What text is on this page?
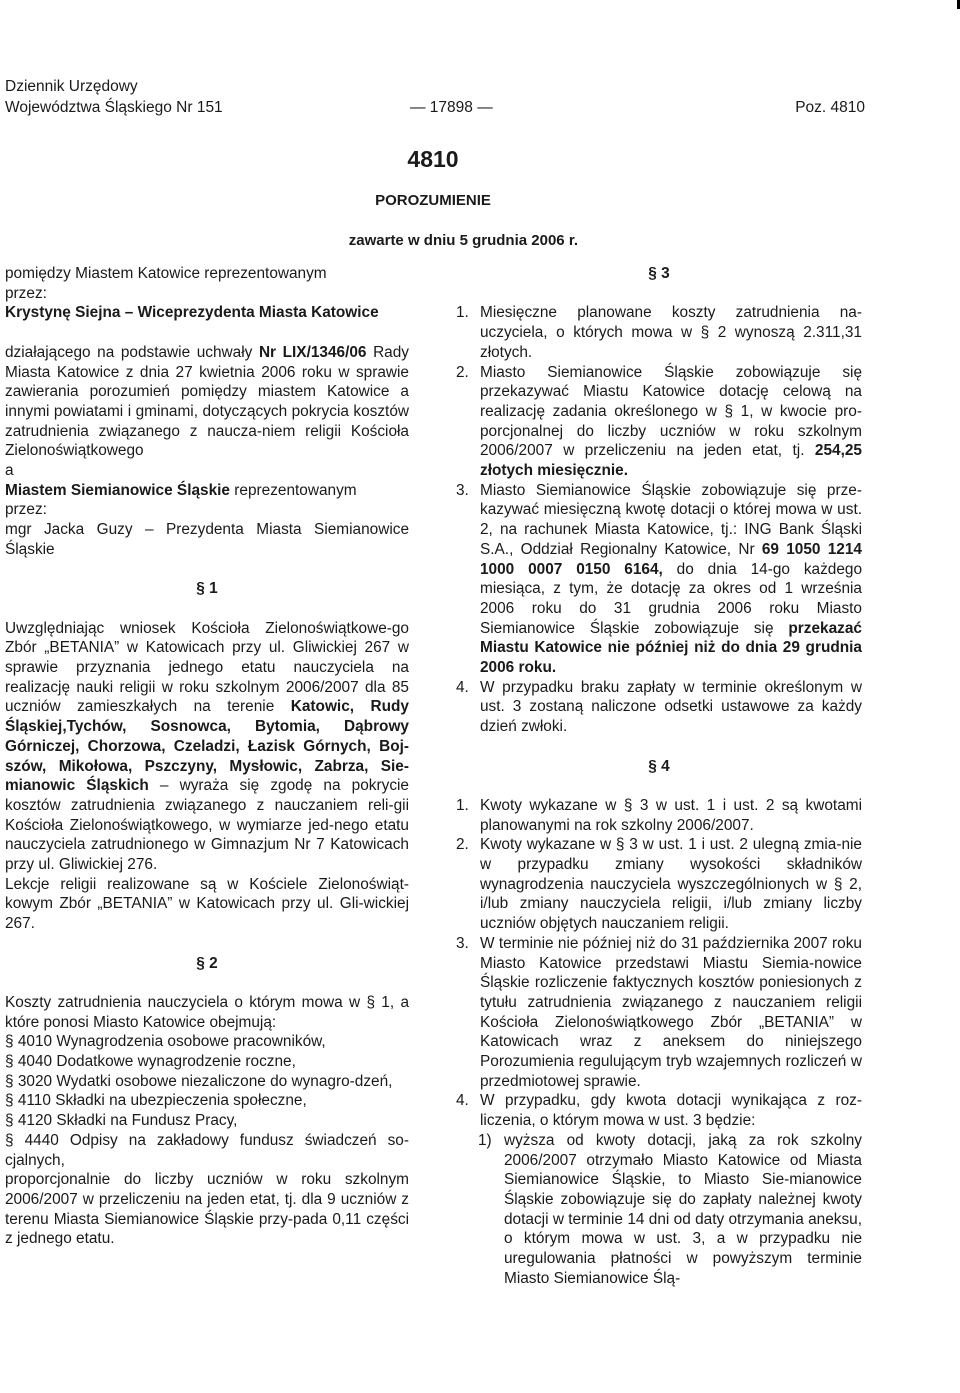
Dziennik Urzędowy
Województwa Śląskiego Nr 151	Poz. 4810
— 17898 —
4810
POROZUMIENIE
zawarte w dniu 5 grudnia 2006 r.

pomiędzy Miastem Katowice reprezentowanym

przez:

Krystynę Siejna – Wiceprezydenta Miasta Katowice

działającego na podstawie uchwały Nr LIX/1346/06 Rady Miasta Katowice z dnia 27 kwietnia 2006 roku w sprawie zawierania porozumień pomiędzy miastem Katowice a innymi powiatami i gminami, dotyczących pokrycia kosztów zatrudnienia związanego z naucza-niem religii Kościoła Zielonoświątkowego

a

Miastem Siemianowice Śląskie reprezentowanym

przez:

mgr Jacka Guzy – Prezydenta Miasta Siemianowice Śląskie

§ 1

Uwzględniając wniosek Kościoła Zielonoświątkowe-go Zbór „BETANIA” w Katowicach przy ul. Gliwickiej 267 w sprawie przyznania jednego etatu nauczyciela na realizację nauki religii w roku szkolnym 2006/2007 dla 85 uczniów zamieszkałych na terenie Katowic, Rudy Śląskiej,Tychów, Sosnowca, Bytomia, Dąbrowy Górniczej, Chorzowa, Czeladzi, Łazisk Górnych, Boj-szów, Mikołowa, Pszczyny, Mysłowic, Zabrza, Sie-mianowic Śląskich – wyraża się zgodę na pokrycie kosztów zatrudnienia związanego z nauczaniem reli-gii Kościoła Zielonoświątkowego, w wymiarze jed-nego etatu nauczyciela zatrudnionego w Gimnazjum Nr 7 Katowicach przy ul. Gliwickiej 276.

Lekcje religii realizowane są w Kościele Zielonoświąt-kowym Zbór „BETANIA” w Katowicach przy ul. Gli-wickiej 267.

§ 2

Koszty zatrudnienia nauczyciela o którym mowa w § 1, a które ponosi Miasto Katowice obejmują:

§ 4010 Wynagrodzenia osobowe pracowników,

§ 4040 Dodatkowe wynagrodzenie roczne,

§ 3020 Wydatki osobowe niezaliczone do wynagro-dzeń,

§ 4110 Składki na ubezpieczenia społeczne,

§ 4120 Składki na Fundusz Pracy,

§ 4440 Odpisy na zakładowy fundusz świadczeń so-cjalnych,

proporcjonalnie do liczby uczniów w roku szkolnym 2006/2007 w przeliczeniu na jeden etat, tj. dla 9 uczniów z terenu Miasta Siemianowice Śląskie przy-pada 0,11 części z jednego etatu.

§ 3

1. Miesięczne planowane koszty zatrudnienia na-uczyciela, o których mowa w § 2 wynoszą 2.311,31 złotych.
2. Miasto Siemianowice Śląskie zobowiązuje się przekazywać Miastu Katowice dotację celową na realizację zadania określonego w § 1, w kwocie pro-porcjonalnej do liczby uczniów w roku szkolnym 2006/2007 w przeliczeniu na jeden etat, tj. 254,25 złotych miesięcznie.
3. Miasto Siemianowice Śląskie zobowiązuje się prze-kazywać miesięczną kwotę dotacji o której mowa w ust. 2, na rachunek Miasta Katowice, tj.: ING Bank Śląski S.A., Oddział Regionalny Katowice, Nr 69 1050 1214 1000 0007 0150 6164, do dnia 14-go każdego miesiąca, z tym, że dotację za okres od 1 września 2006 roku do 31 grudnia 2006 roku Miasto Siemianowice Śląskie zobowiązuje się przekazać Miastu Katowice nie później niż do dnia 29 grudnia 2006 roku.
4. W przypadku braku zapłaty w terminie określonym w ust. 3 zostaną naliczone odsetki ustawowe za każdy dzień zwłoki.

§ 4

1. Kwoty wykazane w § 3 w ust. 1 i ust. 2 są kwotami planowanymi na rok szkolny 2006/2007.
2. Kwoty wykazane w § 3 w ust. 1 i ust. 2 ulegną zmia-nie w przypadku zmiany wysokości składników wynagrodzenia nauczyciela wyszczególnionych w § 2, i/lub zmiany nauczyciela religii, i/lub zmiany liczby uczniów objętych nauczaniem religii.
3. W terminie nie później niż do 31 października 2007 roku Miasto Katowice przedstawi Miastu Siemia-nowice Śląskie rozliczenie faktycznych kosztów poniesionych z tytułu zatrudnienia związanego z nauczaniem religii Kościoła Zielonoświątkowego Zbór „BETANIA” w Katowicach wraz z aneksem do niniejszego Porozumienia regulującym tryb wzajemnych rozliczeń w przedmiotowej sprawie.
4. W przypadku, gdy kwota dotacji wynikająca z roz-liczenia, o którym mowa w ust. 3 będzie:
1) wyższa od kwoty dotacji, jaką za rok szkolny 2006/2007 otrzymało Miasto Katowice od Miasta Siemianowice Śląskie, to Miasto Sie-mianowice Śląskie zobowiązuje się do zapłaty należnej kwoty dotacji w terminie 14 dni od daty otrzymania aneksu, o którym mowa w ust. 3, a w przypadku nie uregulowania płatności w powyższym terminie Miasto Siemianowice Ślą-
